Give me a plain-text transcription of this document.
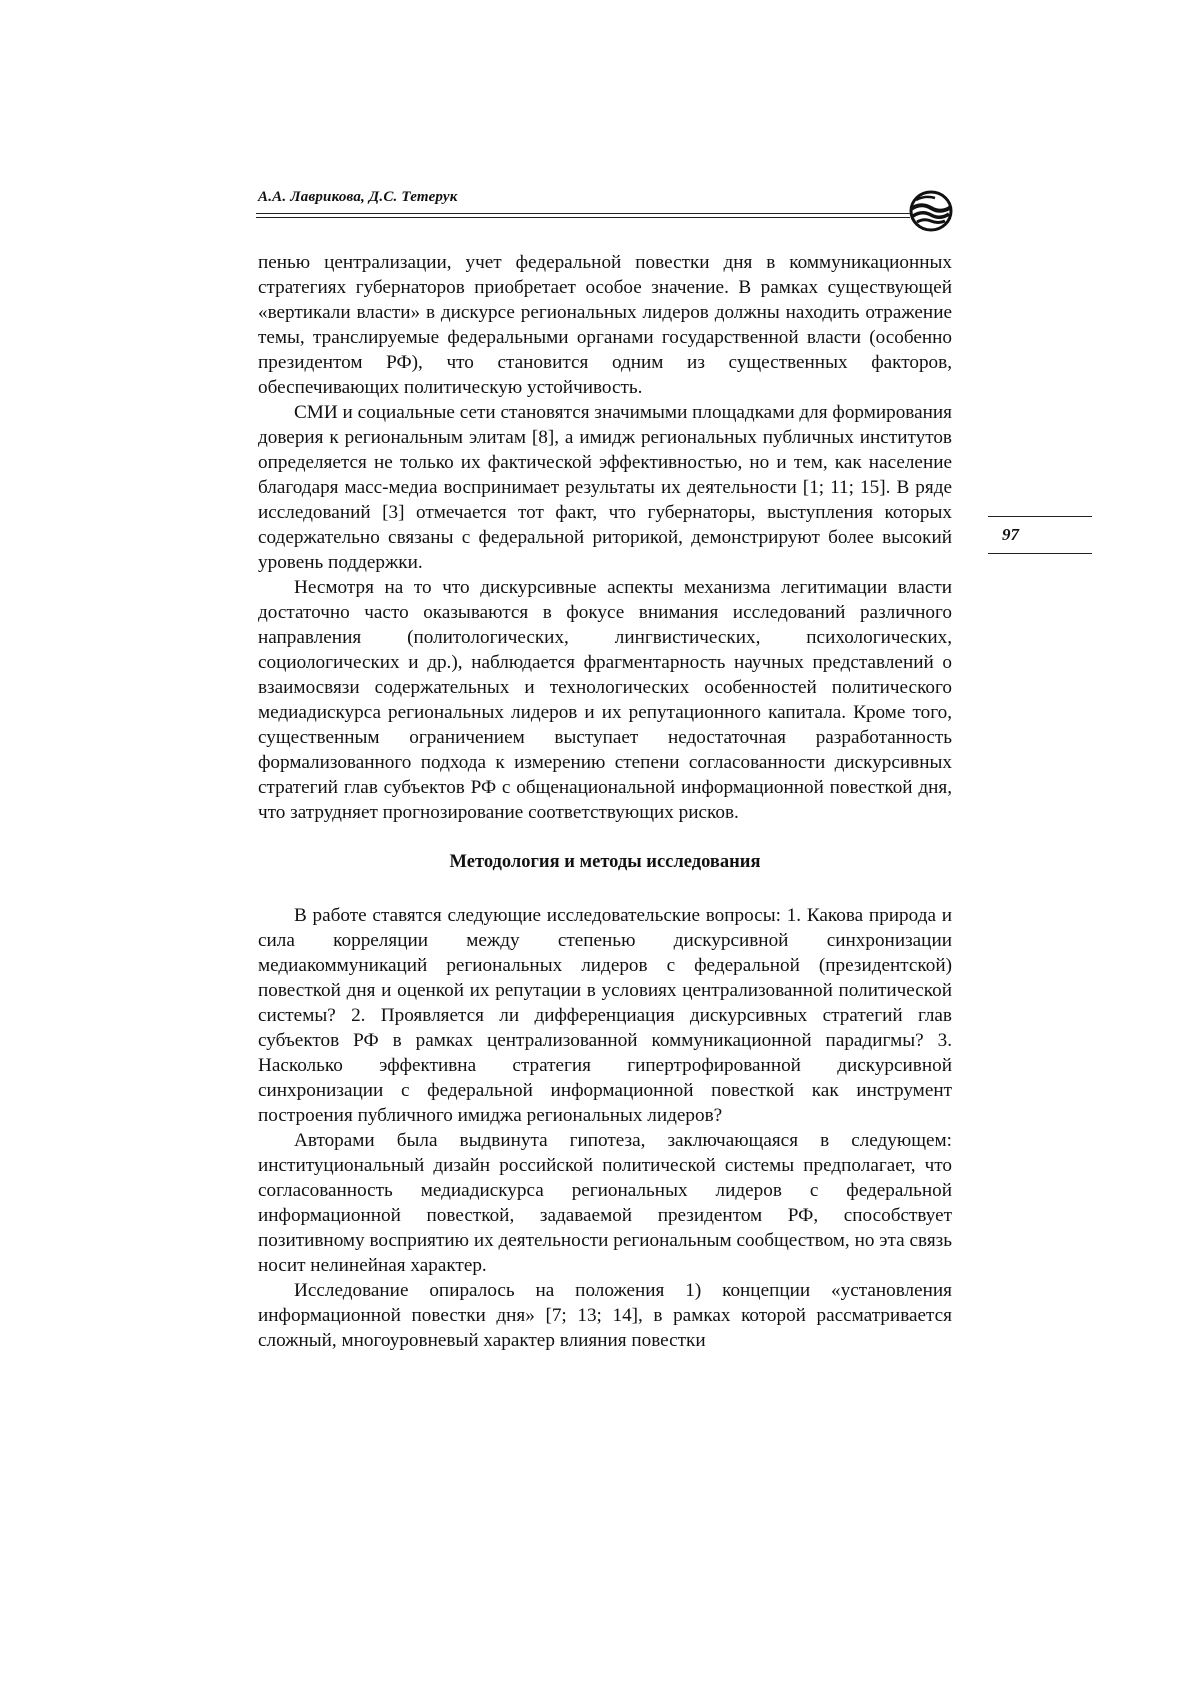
А.А. Лаврикова, Д.С. Тетерук
97

пенью централизации, учет федеральной повестки дня в коммуникационных стратегиях губернаторов приобретает особое значение. В рамках существующей «вертикали власти» в дискурсе региональных лидеров должны находить отражение темы, транслируемые федеральными органами государственной власти (особенно президентом РФ), что становится одним из существенных факторов, обеспечивающих политическую устойчивость.

СМИ и социальные сети становятся значимыми площадками для формирования доверия к региональным элитам [8], а имидж региональных публичных институтов определяется не только их фактической эффективностью, но и тем, как население благодаря масс-медиа воспринимает результаты их деятельности [1; 11; 15]. В ряде исследований [3] отмечается тот факт, что губернаторы, выступления которых содержательно связаны с федеральной риторикой, демонстрируют более высокий уровень поддержки.

Несмотря на то что дискурсивные аспекты механизма легитимации власти достаточно часто оказываются в фокусе внимания исследований различного направления (политологических, лингвистических, психологических, социологических и др.), наблюдается фрагментарность научных представлений о взаимосвязи содержательных и технологических особенностей политического медиадискурса региональных лидеров и их репутационного капитала. Кроме того, существенным ограничением выступает недостаточная разработанность формализованного подхода к измерению степени согласованности дискурсивных стратегий глав субъектов РФ с общенациональной информационной повесткой дня, что затрудняет прогнозирование соответствующих рисков.

Методология и методы исследования

В работе ставятся следующие исследовательские вопросы: 1. Какова природа и сила корреляции между степенью дискурсивной синхронизации медиакоммуникаций региональных лидеров с федеральной (президентской) повесткой дня и оценкой их репутации в условиях централизованной политической системы? 2. Проявляется ли дифференциация дискурсивных стратегий глав субъектов РФ в рамках централизованной коммуникационной парадигмы? 3. Насколько эффективна стратегия гипертрофированной дискурсивной синхронизации с федеральной информационной повесткой как инструмент построения публичного имиджа региональных лидеров?

Авторами была выдвинута гипотеза, заключающаяся в следующем: институциональный дизайн российской политической системы предполагает, что согласованность медиадискурса региональных лидеров с федеральной информационной повесткой, задаваемой президентом РФ, способствует позитивному восприятию их деятельности региональным сообществом, но эта связь носит нелинейная характер.

Исследование опиралось на положения 1) концепции «установления информационной повестки дня» [7; 13; 14], в рамках которой рассматривается сложный, многоуровневый характер влияния повестки
